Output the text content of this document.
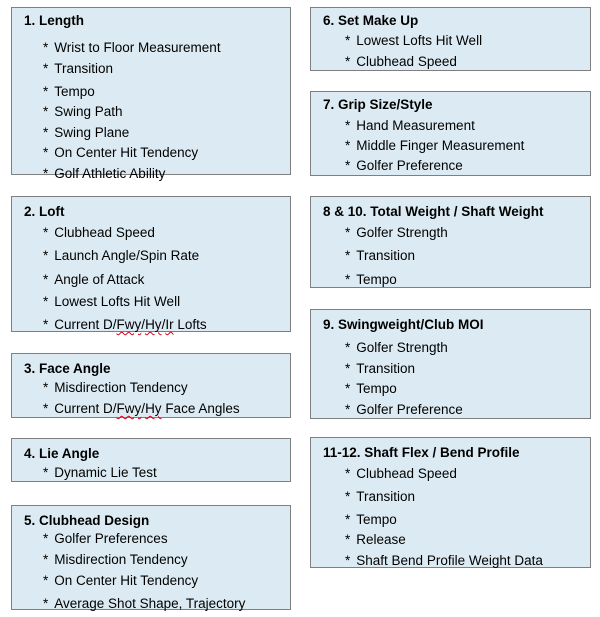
1. Length
* Wrist to Floor Measurement
* Transition
* Tempo
* Swing Path
* Swing Plane
* On Center Hit Tendency
* Golf Athletic Ability
2. Loft
* Clubhead Speed
* Launch Angle/Spin Rate
* Angle of Attack
* Lowest Lofts Hit Well
* Current D/Fwy/Hy/Ir Lofts
3. Face Angle
* Misdirection Tendency
* Current D/Fwy/Hy Face Angles
4. Lie Angle
* Dynamic Lie Test
5. Clubhead Design
* Golfer Preferences
* Misdirection Tendency
* On Center Hit Tendency
* Average Shot Shape, Trajectory
6. Set Make Up
* Lowest Lofts Hit Well
* Clubhead Speed
7. Grip Size/Style
* Hand Measurement
* Middle Finger Measurement
* Golfer Preference
8 & 10. Total Weight / Shaft Weight
* Golfer Strength
* Transition
* Tempo
9. Swingweight/Club MOI
* Golfer Strength
* Transition
* Tempo
* Golfer Preference
11-12. Shaft Flex / Bend Profile
* Clubhead Speed
* Transition
* Tempo
* Release
* Shaft Bend Profile Weight Data
